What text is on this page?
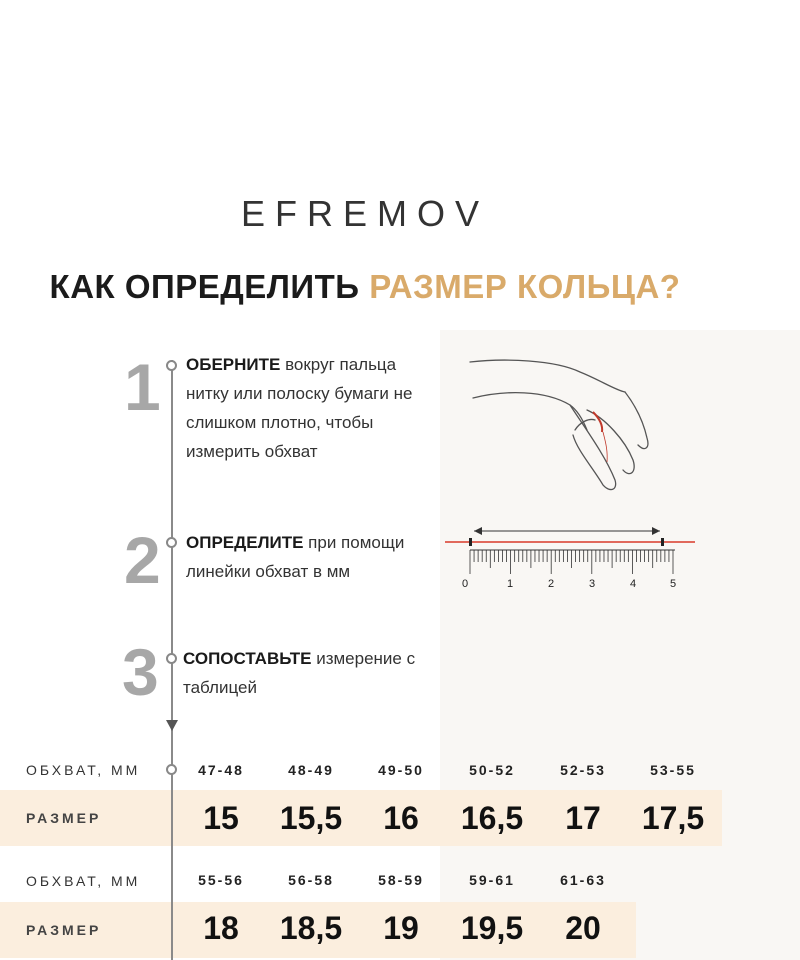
EFREMOV
КАК ОПРЕДЕЛИТЬ РАЗМЕР КОЛЬЦА?
1 ОБЕРНИТЕ вокруг пальца
нитку или полоску бумаги не
слишком плотно, чтобы
измерить обхват
2 ОПРЕДЕЛИТЕ при помощи
линейки обхват в мм
0	1	2	3	4	5
3 СОПОСТАВЬТЕ измерение с
таблицей
ОБХВАТ, ММ	47-48	48-49	49-50	50-52	52-53	53-55
РАЗМЕР	15	15,5	16	16,5	17	17,5
ОБХВАТ, ММ	55-56	56-58	58-59	59-61	61-63
РАЗМЕР	18	18,5	19	19,5	20
